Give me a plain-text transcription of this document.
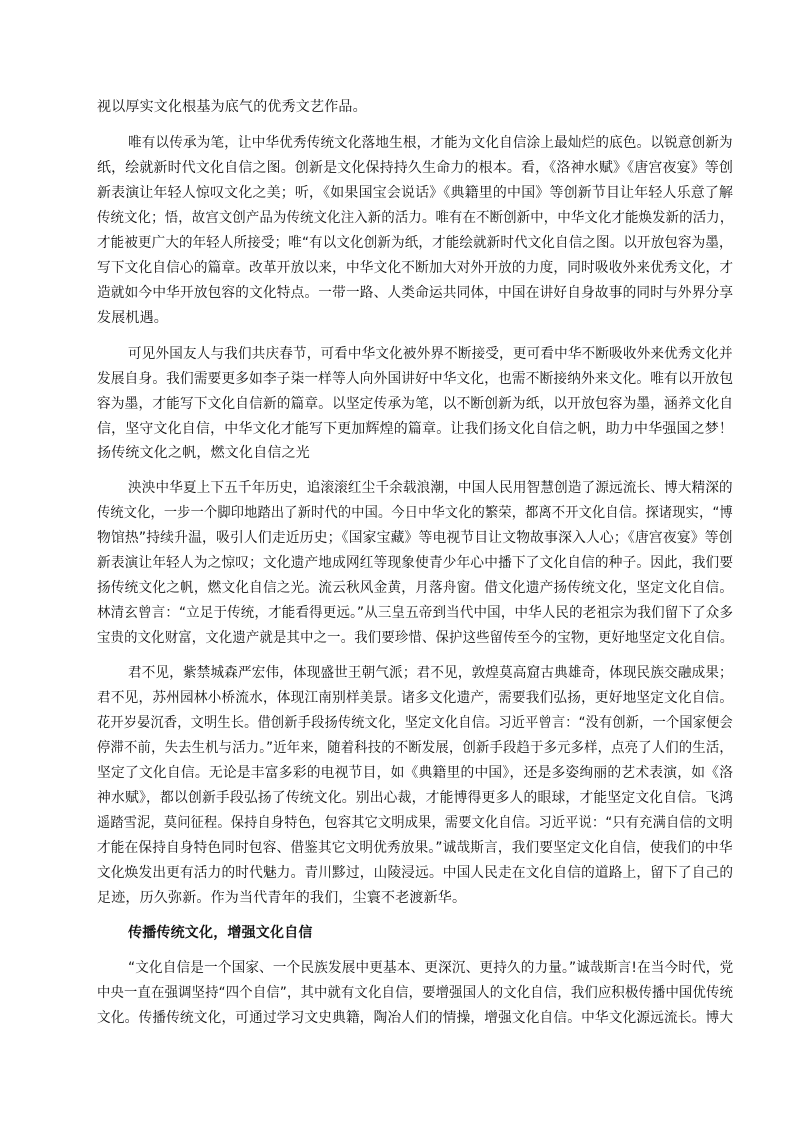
视以厚实文化根基为底气的优秀文艺作品。
唯有以传承为笔，让中华优秀传统文化落地生根，才能为文化自信涂上最灿烂的底色。以锐意创新为
纸，绘就新时代文化自信之图。创新是文化保持持久生命力的根本。看，《洛神水赋》《唐宫夜宴》等创
新表演让年轻人惊叹文化之美；听，《如果国宝会说话》《典籍里的中国》等创新节目让年轻人乐意了解
传统文化；悟，故宫文创产品为传统文化注入新的活力。唯有在不断创新中，中华文化才能焕发新的活力，
才能被更广大的年轻人所接受；唯“有以文化创新为纸，才能绘就新时代文化自信之图。以开放包容为墨，
写下文化自信心的篇章。改革开放以来，中华文化不断加大对外开放的力度，同时吸收外来优秀文化，才
造就如今中华开放包容的文化特点。一带一路、人类命运共同体，中国在讲好自身故事的同时与外界分享
发展机遇。
可见外国友人与我们共庆春节，可看中华文化被外界不断接受，更可看中华不断吸收外来优秀文化并
发展自身。我们需要更多如李子柒一样等人向外国讲好中华文化，也需不断接纳外来文化。唯有以开放包
容为墨，才能写下文化自信新的篇章。以坚定传承为笔，以不断创新为纸，以开放包容为墨，涵养文化自
信，坚守文化自信，中华文化才能写下更加辉煌的篇章。让我们扬文化自信之帆，助力中华强国之梦！
扬传统文化之帆，燃文化自信之光
泱泱中华夏上下五千年历史，追滚滚红尘千余载浪潮，中国人民用智慧创造了源远流长、博大精深的
传统文化，一步一个脚印地踏出了新时代的中国。今日中华文化的繁荣，都离不开文化自信。探诸现实，“博
物馆热”持续升温，吸引人们走近历史；《国家宝藏》等电视节目让文物故事深入人心；《唐宫夜宴》等创
新表演让年轻人为之惊叹；文化遗产地成网红等现象使青少年心中播下了文化自信的种子。因此，我们要
扬传统文化之帆，燃文化自信之光。流云秋风金黄，月落舟窗。借文化遗产扬传统文化，坚定文化自信。
林清玄曾言：“立足于传统，才能看得更远。”从三皇五帝到当代中国，中华人民的老祖宗为我们留下了众多
宝贵的文化财富，文化遗产就是其中之一。我们要珍惜、保护这些留传至今的宝物，更好地坚定文化自信。
君不见，紫禁城森严宏伟，体现盛世王朝气派；君不见，敦煌莫高窟古典雄奇，体现民族交融成果；
君不见，苏州园林小桥流水，体现江南别样美景。诸多文化遗产，需要我们弘扬，更好地坚定文化自信。
花开岁晏沉香，文明生长。借创新手段扬传统文化，坚定文化自信。习近平曾言：“没有创新，一个国家便会
停滞不前，失去生机与活力。”近年来，随着科技的不断发展，创新手段趋于多元多样，点亮了人们的生活，
坚定了文化自信。无论是丰富多彩的电视节目，如《典籍里的中国》，还是多姿绚丽的艺术表演，如《洛
神水赋》，都以创新手段弘扬了传统文化。别出心裁，才能博得更多人的眼球，才能坚定文化自信。飞鸿
遥踏雪泥，莫问征程。保持自身特色，包容其它文明成果，需要文化自信。习近平说：“只有充满自信的文明
才能在保持自身特色同时包容、借鉴其它文明优秀放果。”诚哉斯言，我们要坚定文化自信，使我们的中华
文化焕发出更有活力的时代魅力。青川黟过，山陵浸远。中国人民走在文化自信的道路上，留下了自己的
足迹，历久弥新。作为当代青年的我们，尘寰不老渡新华。
传播传统文化，增强文化自信
“文化自信是一个国家、一个民族发展中更基本、更深沉、更持久的力量。”诚哉斯言!在当今时代，党
中央一直在强调坚持“四个自信”，其中就有文化自信，要增强国人的文化自信，我们应积极传播中国优传统
文化。传播传统文化，可通过学习文史典籍，陶冶人们的情操，增强文化自信。中华文化源远流长。博大
